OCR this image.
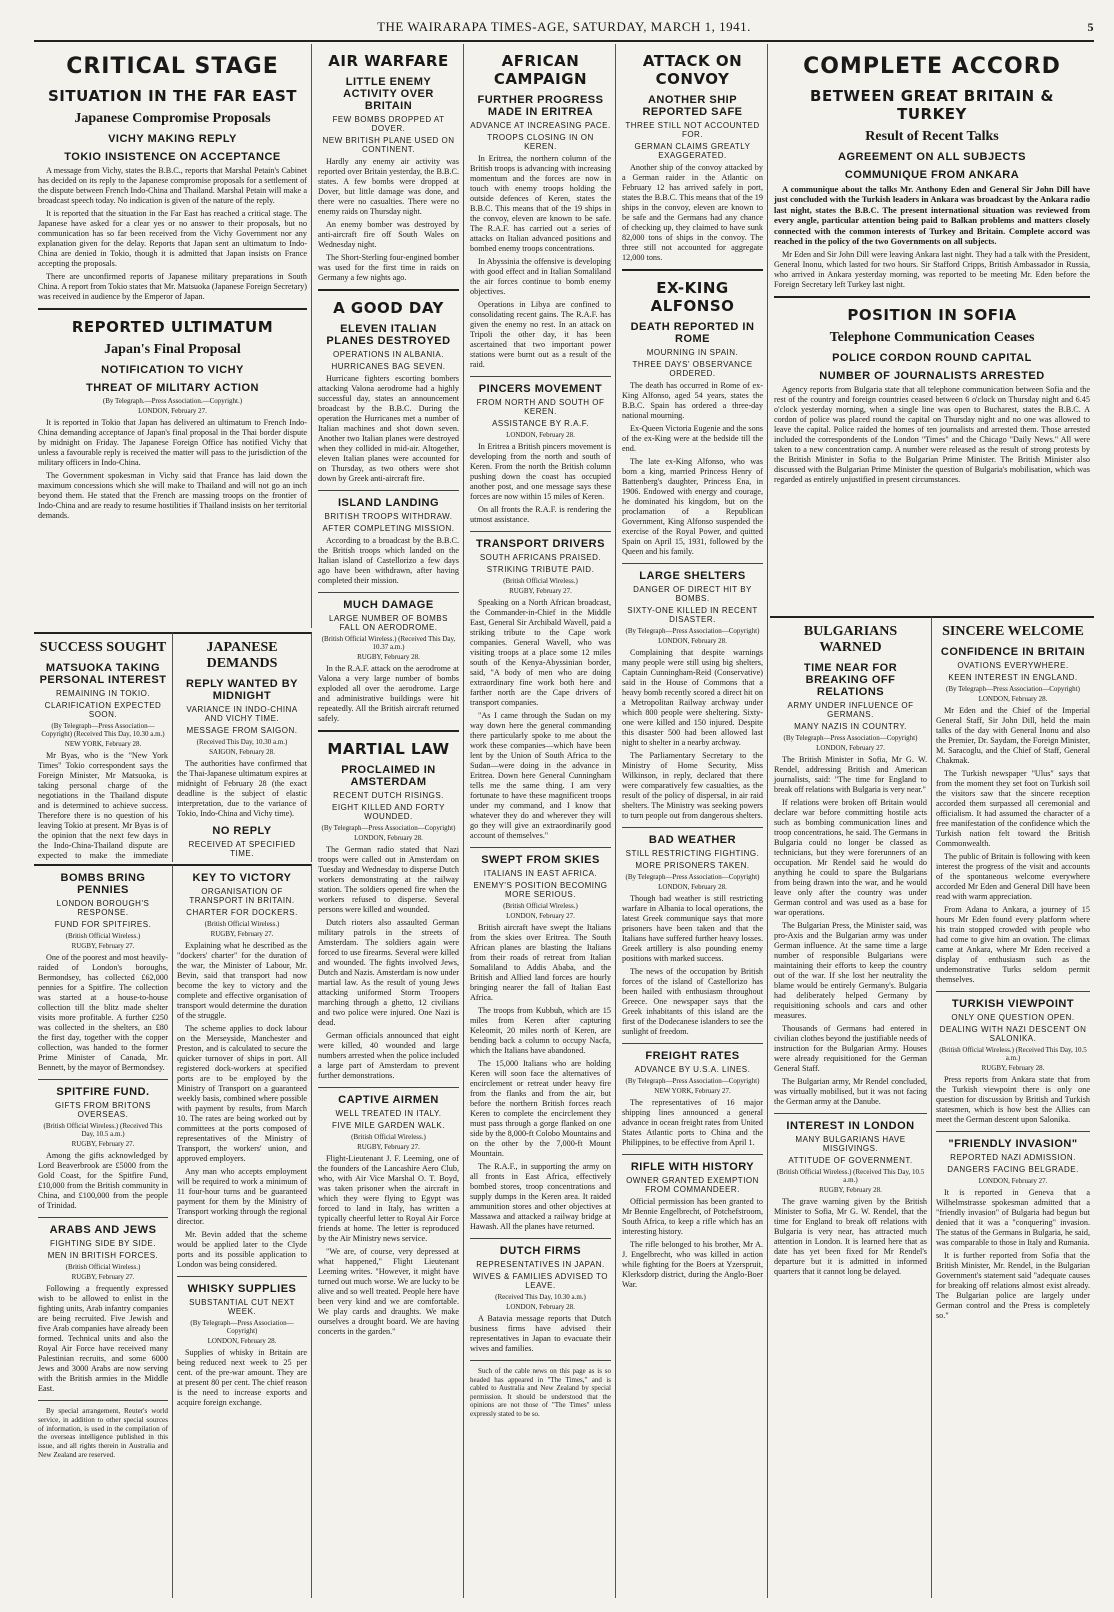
THE WAIRARAPA TIMES-AGE, SATURDAY, MARCH 1, 1941.	5
CRITICAL STAGE
SITUATION IN THE FAR EAST
Japanese Compromise Proposals
VICHY MAKING REPLY
TOKIO INSISTENCE ON ACCEPTANCE

A message from Vichy, states the B.B.C., reports that Marshal Petain's Cabinet has decided on its reply to the Japanese compromise proposals for a settlement of the dispute between French Indo-China and Thailand. Marshal Petain will make a broadcast speech today. No indication is given of the nature of the reply.

It is reported that the situation in the Far East has reached a critical stage. The Japanese have asked for a clear yes or no answer to their proposals, but no communication has so far been received from the Vichy Government nor any explanation given for the delay. Reports that Japan sent an ultimatum to Indo-China are denied in Tokio, though it is admitted that Japan insists on France accepting the proposals.

There are unconfirmed reports of Japanese military preparations in South China. A report from Tokio states that Mr. Matsuoka (Japanese Foreign Secretary) was received in audience by the Emperor of Japan.

REPORTED ULTIMATUM
Japan's Final Proposal
NOTIFICATION TO VICHY
THREAT OF MILITARY ACTION
(By Telegraph.—Press Association.—Copyright.)
LONDON, February 27.

It is reported in Tokio that Japan has delivered an ultimatum to French Indo-China demanding acceptance of Japan's final proposal in the Thai border dispute by midnight on Friday. The Japanese Foreign Office has notified Vichy that unless a favourable reply is received the matter will pass to the jurisdiction of the military officers in Indo-China.

The Government spokesman in Vichy said that France has laid down the maximum concessions which she will make to Thailand and will not go an inch beyond them. He stated that the French are massing troops on the frontier of Indo-China and are ready to resume hostilities if Thailand insists on her territorial demands.

SUCCESS SOUGHT
MATSUOKA TAKING PERSONAL INTEREST
REMAINING IN TOKIO.
CLARIFICATION EXPECTED SOON.
(By Telegraph—Press Association—Copyright) (Received This Day, 10.30 a.m.)
NEW YORK, February 28.

Mr Byas, who is the "New York Times" Tokio correspondent says the Foreign Minister, Mr Matsuoka, is taking personal charge of the negotiations in the Thailand dispute and is determined to achieve success. Therefore there is no question of his leaving Tokio at present. Mr Byas is of the opinion that the next few days in the Indo-China-Thailand dispute are expected to make the immediate

JAPANESE DEMANDS
REPLY WANTED BY MIDNIGHT
VARIANCE IN INDO-CHINA AND VICHY TIME.
MESSAGE FROM SAIGON.
(Received This Day, 10.30 a.m.)
SAIGON, February 28.

The authorities have confirmed that the Thai-Japanese ultimatum expires at midnight of February 28 (the exact deadline is the subject of elastic interpretation, due to the variance of Tokio, Indo-China and Vichy time).

NO REPLY
RECEIVED AT SPECIFIED TIME.

BOMBS BRING PENNIES
LONDON BOROUGH'S RESPONSE.
FUND FOR SPITFIRES.
(British Official Wireless.)
RUGBY, February 27.

One of the poorest and most heavily-raided of London's boroughs, Bermondsey, has collected £62,000 pennies for a Spitfire. The collection was started at a house-to-house collection till the blitz made shelter visits more profitable. A further £250 was collected in the shelters, an £80 the first day, together with the copper collection, was handed to the former Prime Minister of Canada, Mr. Bennett, by the mayor of Bermondsey.

SPITFIRE FUND.
GIFTS FROM BRITONS OVERSEAS.
(British Official Wireless.) (Received This Day, 10.5 a.m.)
RUGBY, February 27.

Among the gifts acknowledged by Lord Beaverbrook are £5000 from the Gold Coast, for the Spitfire Fund, £10,000 from the British community in China, and £100,000 from the people of Trinidad.

ARABS AND JEWS
FIGHTING SIDE BY SIDE.
MEN IN BRITISH FORCES.
(British Official Wireless.)
RUGBY, February 27.

Following a frequently expressed wish to be allowed to enlist in the fighting units, Arab infantry companies are being recruited. Five Jewish and five Arab companies have already been formed. Technical units and also the Royal Air Force have received many Palestinian recruits, and some 6000 Jews and 3000 Arabs are now serving with the British armies in the Middle East.

By special arrangement, Reuter's world service, in addition to other special sources of information, is used in the compilation of the overseas intelligence published in this issue, and all rights therein in Australia and New Zealand are reserved.

KEY TO VICTORY
ORGANISATION OF TRANSPORT IN BRITAIN.
CHARTER FOR DOCKERS.
(British Official Wireless.)
RUGBY, February 27.

Explaining what he described as the "dockers' charter" for the duration of the war, the Minister of Labour, Mr. Bevin, said that transport had now become the key to victory and the complete and effective organisation of transport would determine the duration of the struggle.

The scheme applies to dock labour on the Merseyside, Manchester and Preston, and is calculated to secure the quicker turnover of ships in port. All registered dock-workers at specified ports are to be employed by the Ministry of Transport on a guaranteed weekly basis, combined where possible with payment by results, from March 10. The rates are being worked out by committees at the ports composed of representatives of the Ministry of Transport, the workers' union, and approved employers.

Any man who accepts employment will be required to work a minimum of 11 four-hour turns and be guaranteed payment for them by the Ministry of Transport working through the regional director.

Mr. Bevin added that the scheme would be applied later to the Clyde ports and its possible application to London was being considered.

WHISKY SUPPLIES
SUBSTANTIAL CUT NEXT WEEK.
(By Telegraph—Press Association—Copyright)
LONDON, February 28.

Supplies of whisky in Britain are being reduced next week to 25 per cent. of the pre-war amount. They are at present 80 per cent. The chief reason is the need to increase exports and acquire foreign exchange.

AIR WARFARE
LITTLE ENEMY ACTIVITY OVER BRITAIN
FEW BOMBS DROPPED AT DOVER.
NEW BRITISH PLANE USED ON CONTINENT.

Hardly any enemy air activity was reported over Britain yesterday, the B.B.C. states. A few bombs were dropped at Dover, but little damage was done, and there were no casualties. There were no enemy raids on Thursday night.

An enemy bomber was destroyed by anti-aircraft fire off South Wales on Wednesday night.

The Short-Sterling four-engined bomber was used for the first time in raids on Germany a few nights ago.

A GOOD DAY
ELEVEN ITALIAN PLANES DESTROYED
OPERATIONS IN ALBANIA.
HURRICANES BAG SEVEN.

Hurricane fighters escorting bombers attacking Valona aerodrome had a highly successful day, states an announcement broadcast by the B.B.C. During the operation the Hurricanes met a number of Italian machines and shot down seven. Another two Italian planes were destroyed when they collided in mid-air. Altogether, eleven Italian planes were accounted for on Thursday, as two others were shot down by Greek anti-aircraft fire.

ISLAND LANDING
BRITISH TROOPS WITHDRAW.
AFTER COMPLETING MISSION.

According to a broadcast by the B.B.C. the British troops which landed on the Italian island of Castellorizo a few days ago have been withdrawn, after having completed their mission.

MUCH DAMAGE
LARGE NUMBER OF BOMBS FALL ON AERODROME.
(British Official Wireless.) (Received This Day, 10.37 a.m.)
RUGBY, February 28.

In the R.A.F. attack on the aerodrome at Valona a very large number of bombs exploded all over the aerodrome. Large and administrative buildings were hit repeatedly. All the British aircraft returned safely.

MARTIAL LAW
PROCLAIMED IN AMSTERDAM
RECENT DUTCH RISINGS.
EIGHT KILLED AND FORTY WOUNDED.
(By Telegraph—Press Association—Copyright)
LONDON, February 28.

The German radio stated that Nazi troops were called out in Amsterdam on Tuesday and Wednesday to disperse Dutch workers demonstrating at the railway station. The soldiers opened fire when the workers refused to disperse. Several persons were killed and wounded.

Dutch rioters also assaulted German military patrols in the streets of Amsterdam. The soldiers again were forced to use firearms. Several were killed and wounded. The fights involved Jews, Dutch and Nazis. Amsterdam is now under martial law. As the result of young Jews attacking uniformed Storm Troopers marching through a ghetto, 12 civilians and two police were injured. One Nazi is dead.

German officials announced that eight were killed, 40 wounded and large numbers arrested when the police included a large part of Amsterdam to prevent further demonstrations.

CAPTIVE AIRMEN
WELL TREATED IN ITALY.
FIVE MILE GARDEN WALK.
(British Official Wireless.)
RUGBY, February 27.

Flight-Lieutenant J. F. Leeming, one of the founders of the Lancashire Aero Club, who, with Air Vice Marshal O. T. Boyd, was taken prisoner when the aircraft in which they were flying to Egypt was forced to land in Italy, has written a typically cheerful letter to Royal Air Force friends at home. The letter is reproduced by the Air Ministry news service.

"We are, of course, very depressed at what happened," Flight Lieutenant Leeming writes. "However, it might have turned out much worse. We are lucky to be alive and so well treated. People here have been very kind and we are comfortable. We play cards and draughts. We make ourselves a drought board. We are having concerts in the garden."

AFRICAN CAMPAIGN
FURTHER PROGRESS MADE IN ERITREA
ADVANCE AT INCREASING PACE.
TROOPS CLOSING IN ON KEREN.

In Eritrea, the northern column of the British troops is advancing with increasing momentum and the forces are now in touch with enemy troops holding the outside defences of Keren, states the B.B.C. This means that of the 19 ships in the convoy, eleven are known to be safe. The R.A.F. has carried out a series of attacks on Italian advanced positions and bombed enemy troops concentrations.

In Abyssinia the offensive is developing with good effect and in Italian Somaliland the air forces continue to bomb enemy objectives.

Operations in Libya are confined to consolidating recent gains. The R.A.F. has given the enemy no rest. In an attack on Tripoli the other day, it has been ascertained that two important power stations were burnt out as a result of the raid.

PINCERS MOVEMENT
FROM NORTH AND SOUTH OF KEREN.
ASSISTANCE BY R.A.F.
LONDON, February 28.

In Eritrea a British pincers movement is developing from the north and south of Keren. From the north the British column pushing down the coast has occupied another post, and one message says these forces are now within 15 miles of Keren.

On all fronts the R.A.F. is rendering the utmost assistance.

TRANSPORT DRIVERS
SOUTH AFRICANS PRAISED.
STRIKING TRIBUTE PAID.
(British Official Wireless.)
RUGBY, February 27.

Speaking on a North African broadcast, the Commander-in-Chief in the Middle East, General Sir Archibald Wavell, paid a striking tribute to the Cape work companies. General Wavell, who was visiting troops at a place some 12 miles south of the Kenya-Abyssinian border, said, "A body of men who are doing extraordinary fine work both here and farther north are the Cape drivers of transport companies.

"As I came through the Sudan on my way down here the general commanding there particularly spoke to me about the work these companies—which have been lent by the Union of South Africa to the Sudan—were doing in the advance in Eritrea. Down here General Cunningham tells me the same thing. I am very fortunate to have these magnificent troops under my command, and I know that whatever they do and wherever they will go they will give an extraordinarily good account of themselves."

SWEPT FROM SKIES
ITALIANS IN EAST AFRICA.
ENEMY'S POSITION BECOMING MORE SERIOUS.
(British Official Wireless.)
LONDON, February 27.

British aircraft have swept the Italians from the skies over Eritrea. The South African planes are blasting the Italians from their roads of retreat from Italian Somaliland to Addis Ababa, and the British and Allied land forces are hourly bringing nearer the fall of Italian East Africa.

The troops from Kubbuh, which are 15 miles from Keren after capturing Keleomit, 20 miles north of Keren, are bending back a column to occupy Nacfa, which the Italians have abandoned.

The 15,000 Italians who are holding Keren will soon face the alternatives of encirclement or retreat under heavy fire from the flanks and from the air, but before the northern British forces reach Keren to complete the encirclement they must pass through a gorge flanked on one side by the 8,000-ft Colobo Mountains and on the other by the 7,000-ft Mount Mountain.

The R.A.F., in supporting the army on all fronts in East Africa, effectively bombed stores, troop concentrations and supply dumps in the Keren area. It raided ammunition stores and other objectives at Massawa and attacked a railway bridge at Hawash. All the planes have returned.

DUTCH FIRMS
REPRESENTATIVES IN JAPAN.
WIVES & FAMILIES ADVISED TO LEAVE.
(Received This Day, 10.30 a.m.)
LONDON, February 28.

A Batavia message reports that Dutch business firms have advised their representatives in Japan to evacuate their wives and families.

Such of the cable news on this page as is so headed has appeared in "The Times," and is cabled to Australia and New Zealand by special permission. It should be understood that the opinions are not those of "The Times" unless expressly stated to be so.

ATTACK ON CONVOY
ANOTHER SHIP REPORTED SAFE
THREE STILL NOT ACCOUNTED FOR.
GERMAN CLAIMS GREATLY EXAGGERATED.

Another ship of the convoy attacked by a German raider in the Atlantic on February 12 has arrived safely in port, states the B.B.C. This means that of the 19 ships in the convoy, eleven are known to be safe and the Germans had any chance of checking up, they claimed to have sunk 82,000 tons of ships in the convoy. The three still not accounted for aggregate 12,000 tons.

EX-KING ALFONSO
DEATH REPORTED IN ROME
MOURNING IN SPAIN.
THREE DAYS' OBSERVANCE ORDERED.

The death has occurred in Rome of ex-King Alfonso, aged 54 years, states the B.B.C. Spain has ordered a three-day national mourning.

Ex-Queen Victoria Eugenie and the sons of the ex-King were at the bedside till the end.

The late ex-King Alfonso, who was born a king, married Princess Henry of Battenberg's daughter, Princess Ena, in 1906. Endowed with energy and courage, he dominated his kingdom, but on the proclamation of a Republican Government, King Alfonso suspended the exercise of the Royal Power, and quitted Spain on April 15, 1931, followed by the Queen and his family.

LARGE SHELTERS
DANGER OF DIRECT HIT BY BOMBS.
SIXTY-ONE KILLED IN RECENT DISASTER.
(By Telegraph—Press Association—Copyright)
LONDON, February 28.

Complaining that despite warnings many people were still using big shelters, Captain Cunningham-Reid (Conservative) said in the House of Commons that a heavy bomb recently scored a direct hit on a Metropolitan Railway archway under which 800 people were sheltering. Sixty-one were killed and 150 injured. Despite this disaster 500 had been allowed last night to shelter in a nearby archway.

The Parliamentary Secretary to the Ministry of Home Security, Miss Wilkinson, in reply, declared that there were comparatively few casualties, as the result of the policy of dispersal, in air raid shelters. The Ministry was seeking powers to turn people out from dangerous shelters.

BAD WEATHER
STILL RESTRICTING FIGHTING.
MORE PRISONERS TAKEN.
(By Telegraph—Press Association—Copyright)
LONDON, February 28.

Though bad weather is still restricting warfare in Albania to local operations, the latest Greek communique says that more prisoners have been taken and that the Italians have suffered further heavy losses. Greek artillery is also pounding enemy positions with marked success.

The news of the occupation by British forces of the island of Castellorizo has been hailed with enthusiasm throughout Greece. One newspaper says that the Greek inhabitants of this island are the first of the Dodecanese islanders to see the sunlight of freedom.

FREIGHT RATES
ADVANCE BY U.S.A. LINES.
(By Telegraph—Press Association—Copyright)
NEW YORK, February 27.

The representatives of 16 major shipping lines announced a general advance in ocean freight rates from United States Atlantic ports to China and the Philippines, to be effective from April 1.

RIFLE WITH HISTORY
OWNER GRANTED EXEMPTION FROM COMMANDEER.

Official permission has been granted to Mr Bennie Engelbrecht, of Potchefstroom, South Africa, to keep a rifle which has an interesting history.

The rifle belonged to his brother, Mr A. J. Engelbrecht, who was killed in action while fighting for the Boers at Yzerspruit, Klerksdorp district, during the Anglo-Boer War.

COMPLETE ACCORD
BETWEEN GREAT BRITAIN & TURKEY
Result of Recent Talks
AGREEMENT ON ALL SUBJECTS
COMMUNIQUE FROM ANKARA

A communique about the talks Mr. Anthony Eden and General Sir John Dill have just concluded with the Turkish leaders in Ankara was broadcast by the Ankara radio last night, states the B.B.C. The present international situation was reviewed from every angle, particular attention being paid to Balkan problems and matters closely connected with the common interests of Turkey and Britain. Complete accord was reached in the policy of the two Governments on all subjects.

Mr Eden and Sir John Dill were leaving Ankara last night. They had a talk with the President, General Inonu, which lasted for two hours. Sir Stafford Cripps, British Ambassador in Russia, who arrived in Ankara yesterday morning, was reported to be meeting Mr. Eden before the Foreign Secretary left Turkey last night.

POSITION IN SOFIA
Telephone Communication Ceases
POLICE CORDON ROUND CAPITAL
NUMBER OF JOURNALISTS ARRESTED

Agency reports from Bulgaria state that all telephone communication between Sofia and the rest of the country and foreign countries ceased between 6 o'clock on Thursday night and 6.45 o'clock yesterday morning, when a single line was open to Bucharest, states the B.B.C. A cordon of police was placed round the capital on Thursday night and no one was allowed to leave the capital. Police raided the homes of ten journalists and arrested them. Those arrested included the correspondents of the London "Times" and the Chicago "Daily News." All were taken to a new concentration camp. A number were released as the result of strong protests by the British Minister in Sofia to the Bulgarian Prime Minister. The British Minister also discussed with the Bulgarian Prime Minister the question of Bulgaria's mobilisation, which was regarded as entirely unjustified in present circumstances.

BULGARIANS WARNED
TIME NEAR FOR BREAKING OFF RELATIONS
ARMY UNDER INFLUENCE OF GERMANS.
MANY NAZIS IN COUNTRY.
(By Telegraph—Press Association—Copyright)
LONDON, February 27.

The British Minister in Sofia, Mr G. W. Rendel, addressing British and American journalists, said: "The time for England to break off relations with Bulgaria is very near."

If relations were broken off Britain would declare war before committing hostile acts such as bombing communication lines and troop concentrations, he said. The Germans in Bulgaria could no longer be classed as technicians, but they were forerunners of an occupation. Mr Rendel said he would do anything he could to spare the Bulgarians from being drawn into the war, and he would leave only after the country was under German control and was used as a base for war operations.

The Bulgarian Press, the Minister said, was pro-Axis and the Bulgarian army was under German influence. At the same time a large number of responsible Bulgarians were maintaining their efforts to keep the country out of the war. If she lost her neutrality the blame would be entirely Germany's. Bulgaria had deliberately helped Germany by requisitioning schools and cars and other measures.

Thousands of Germans had entered in civilian clothes beyond the justifiable needs of instruction for the Bulgarian Army. Houses were already requisitioned for the German General Staff.

The Bulgarian army, Mr Rendel concluded, was virtually mobilised, but it was not facing the German army at the Danube.

INTEREST IN LONDON
MANY BULGARIANS HAVE MISGIVINGS.
ATTITUDE OF GOVERNMENT.
(British Official Wireless.) (Received This Day, 10.5 a.m.)
RUGBY, February 28.

The grave warning given by the British Minister to Sofia, Mr G. W. Rendel, that the time for England to break off relations with Bulgaria is very near, has attracted much attention in London. It is learned here that as date has yet been fixed for Mr Rendel's departure but it is admitted in informed quarters that it cannot long be delayed.

SINCERE WELCOME
CONFIDENCE IN BRITAIN
OVATIONS EVERYWHERE.
KEEN INTEREST IN ENGLAND.
(By Telegraph—Press Association—Copyright)
LONDON, February 28.

Mr Eden and the Chief of the Imperial General Staff, Sir John Dill, held the main talks of the day with General Inonu and also the Premier, Dr. Saydam, the Foreign Minister, M. Saracoglu, and the Chief of Staff, General Chakmak.

The Turkish newspaper "Ulus" says that from the moment they set foot on Turkish soil the visitors saw that the sincere reception accorded them surpassed all ceremonial and officialism. It had assumed the character of a free manifestation of the confidence which the Turkish nation felt toward the British Commonwealth.

The public of Britain is following with keen interest the progress of the visit and accounts of the spontaneous welcome everywhere accorded Mr Eden and General Dill have been read with warm appreciation.

From Adana to Ankara, a journey of 15 hours Mr Eden found every platform where his train stopped crowded with people who had come to give him an ovation. The climax came at Ankara, where Mr Eden received a display of enthusiasm such as the undemonstrative Turks seldom permit themselves.

TURKISH VIEWPOINT
ONLY ONE QUESTION OPEN.
DEALING WITH NAZI DESCENT ON SALONIKA.
(British Official Wireless.) (Received This Day, 10.5 a.m.)
RUGBY, February 28.

Press reports from Ankara state that from the Turkish viewpoint there is only one question for discussion by British and Turkish statesmen, which is how best the Allies can meet the German descent upon Salonika.

"FRIENDLY INVASION"
REPORTED NAZI ADMISSION.
DANGERS FACING BELGRADE.
LONDON, February 27.

It is reported in Geneva that a Wilhelmstrasse spokesman admitted that a "friendly invasion" of Bulgaria had begun but denied that it was a "conquering" invasion. The status of the Germans in Bulgaria, he said, was comparable to those in Italy and Rumania.

It is further reported from Sofia that the British Minister, Mr. Rendel, in the Bulgarian Government's statement said "adequate causes for breaking off relations almost exist already. The Bulgarian police are largely under German control and the Press is completely so."
